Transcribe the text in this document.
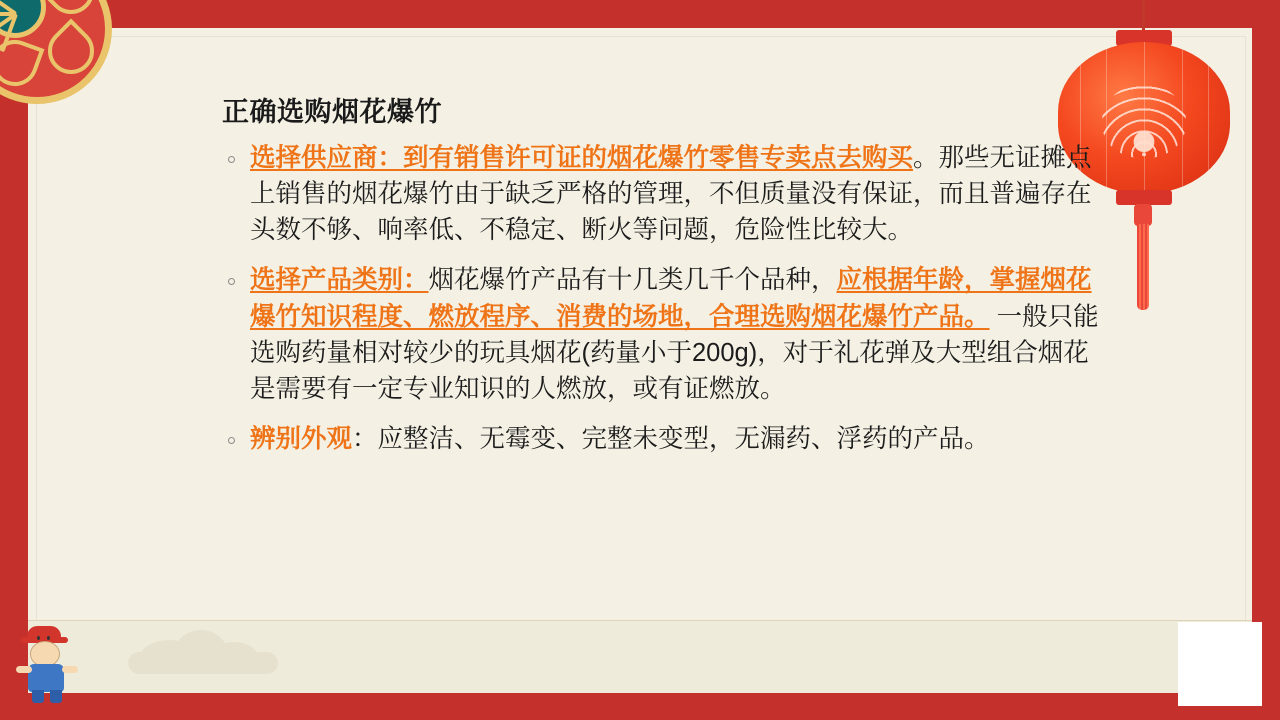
正确选购烟花爆竹
选择供应商：到有销售许可证的烟花爆竹零售专卖点去购买。那些无证摊点上销售的烟花爆竹由于缺乏严格的管理，不但质量没有保证，而且普遍存在头数不够、响率低、不稳定、断火等问题，危险性比较大。
选择产品类别：烟花爆竹产品有十几类几千个品种，应根据年龄，掌握烟花爆竹知识程度、燃放程序、消费的场地，合理选购烟花爆竹产品。 一般只能选购药量相对较少的玩具烟花(药量小于200g)，对于礼花弹及大型组合烟花是需要有一定专业知识的人燃放，或有证燃放。
辨别外观：应整洁、无霉变、完整未变型，无漏药、浮药的产品。
